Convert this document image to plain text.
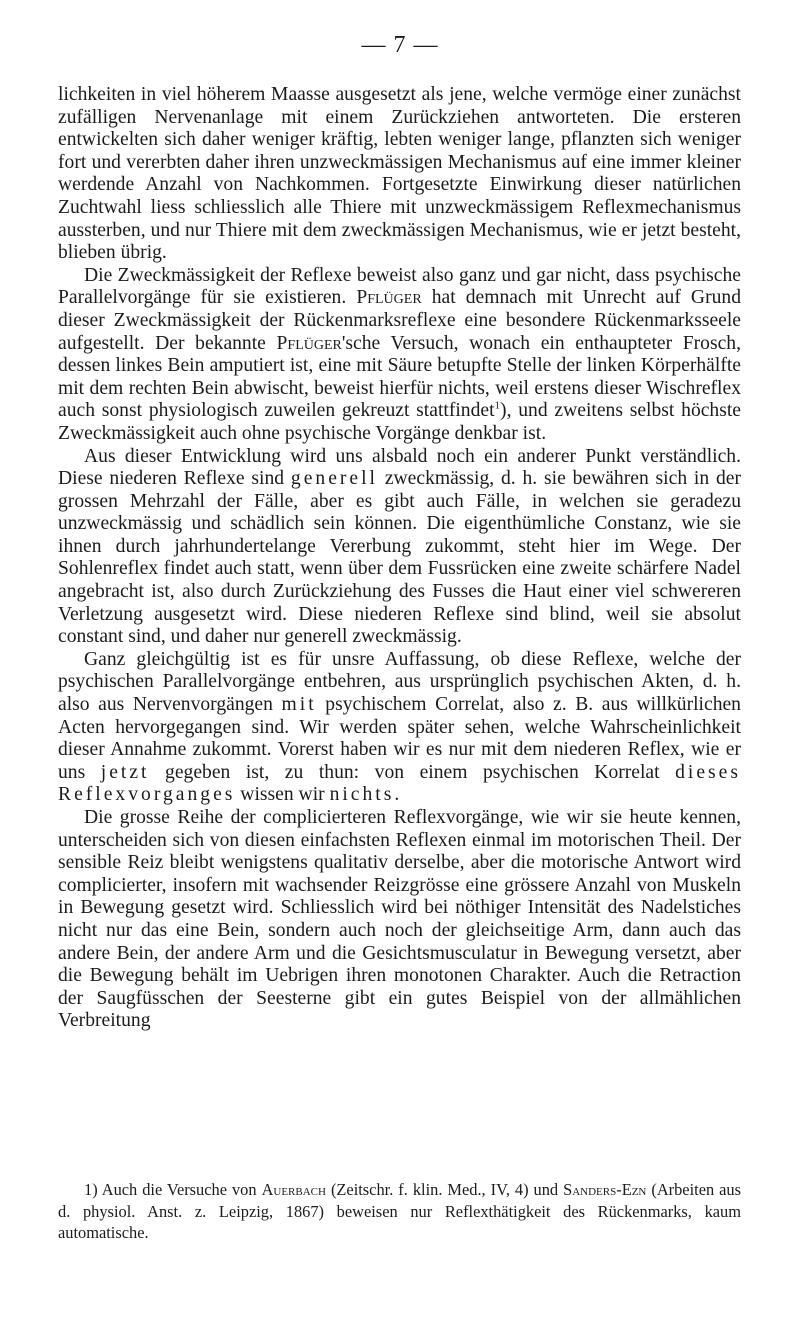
— 7 —

lichkeiten in viel höherem Maasse ausgesetzt als jene, welche vermöge einer zunächst zufälligen Nervenanlage mit einem Zurückziehen antworteten. Die ersteren entwickelten sich daher weniger kräftig, lebten weniger lange, pflanzten sich weniger fort und vererbten daher ihren unzweckmässigen Mechanismus auf eine immer kleiner werdende Anzahl von Nachkommen. Fortgesetzte Einwirkung dieser natürlichen Zuchtwahl liess schliesslich alle Thiere mit unzweckmässigem Reflexmechanismus aussterben, und nur Thiere mit dem zweckmässigen Mechanismus, wie er jetzt besteht, blieben übrig.

Die Zweckmässigkeit der Reflexe beweist also ganz und gar nicht, dass psychische Parallelvorgänge für sie existieren. Pflüger hat demnach mit Unrecht auf Grund dieser Zweckmässigkeit der Rückenmarksreflexe eine besondere Rückenmarksseele aufgestellt. Der bekannte Pflüger'sche Versuch, wonach ein enthaupteter Frosch, dessen linkes Bein amputiert ist, eine mit Säure betupfte Stelle der linken Körperhälfte mit dem rechten Bein abwischt, beweist hierfür nichts, weil erstens dieser Wischreflex auch sonst physiologisch zuweilen gekreuzt stattfindet$^1$), und zweitens selbst höchste Zweckmässigkeit auch ohne psychische Vorgänge denkbar ist.

Aus dieser Entwicklung wird uns alsbald noch ein anderer Punkt verständlich. Diese niederen Reflexe sind generell zweckmässig, d. h. sie bewähren sich in der grossen Mehrzahl der Fälle, aber es gibt auch Fälle, in welchen sie geradezu unzweckmässig und schädlich sein können. Die eigenthümliche Constanz, wie sie ihnen durch jahrhundertelange Vererbung zukommt, steht hier im Wege. Der Sohlenreflex findet auch statt, wenn über dem Fussrücken eine zweite schärfere Nadel angebracht ist, also durch Zurückziehung des Fusses die Haut einer viel schwereren Verletzung ausgesetzt wird. Diese niederen Reflexe sind blind, weil sie absolut constant sind, und daher nur generell zweckmässig.

Ganz gleichgültig ist es für unsre Auffassung, ob diese Reflexe, welche der psychischen Parallelvorgänge entbehren, aus ursprünglich psychischen Akten, d. h. also aus Nervenvorgängen mit psychischem Correlat, also z. B. aus willkürlichen Acten hervorgegangen sind. Wir werden später sehen, welche Wahrscheinlichkeit dieser Annahme zukommt. Vorerst haben wir es nur mit dem niederen Reflex, wie er uns jetzt gegeben ist, zu thun: von einem psychischen Korrelat dieses Reflexvorganges wissen wir nichts.

Die grosse Reihe der complicierteren Reflexvorgänge, wie wir sie heute kennen, unterscheiden sich von diesen einfachsten Reflexen einmal im motorischen Theil. Der sensible Reiz bleibt wenigstens qualitativ derselbe, aber die motorische Antwort wird complicierter, insofern mit wachsender Reizgrösse eine grössere Anzahl von Muskeln in Bewegung gesetzt wird. Schliesslich wird bei nöthiger Intensität des Nadelstiches nicht nur das eine Bein, sondern auch noch der gleichseitige Arm, dann auch das andere Bein, der andere Arm und die Gesichtsmusculatur in Bewegung versetzt, aber die Bewegung behält im Uebrigen ihren monotonen Charakter. Auch die Retraction der Saugfüsschen der Seesterne gibt ein gutes Beispiel von der allmählichen Verbreitung

1) Auch die Versuche von Auerbach (Zeitschr. f. klin. Med., IV, 4) und Sanders-Ezn (Arbeiten aus d. physiol. Anst. z. Leipzig, 1867) beweisen nur Reflexthätigkeit des Rückenmarks, kaum automatische.
